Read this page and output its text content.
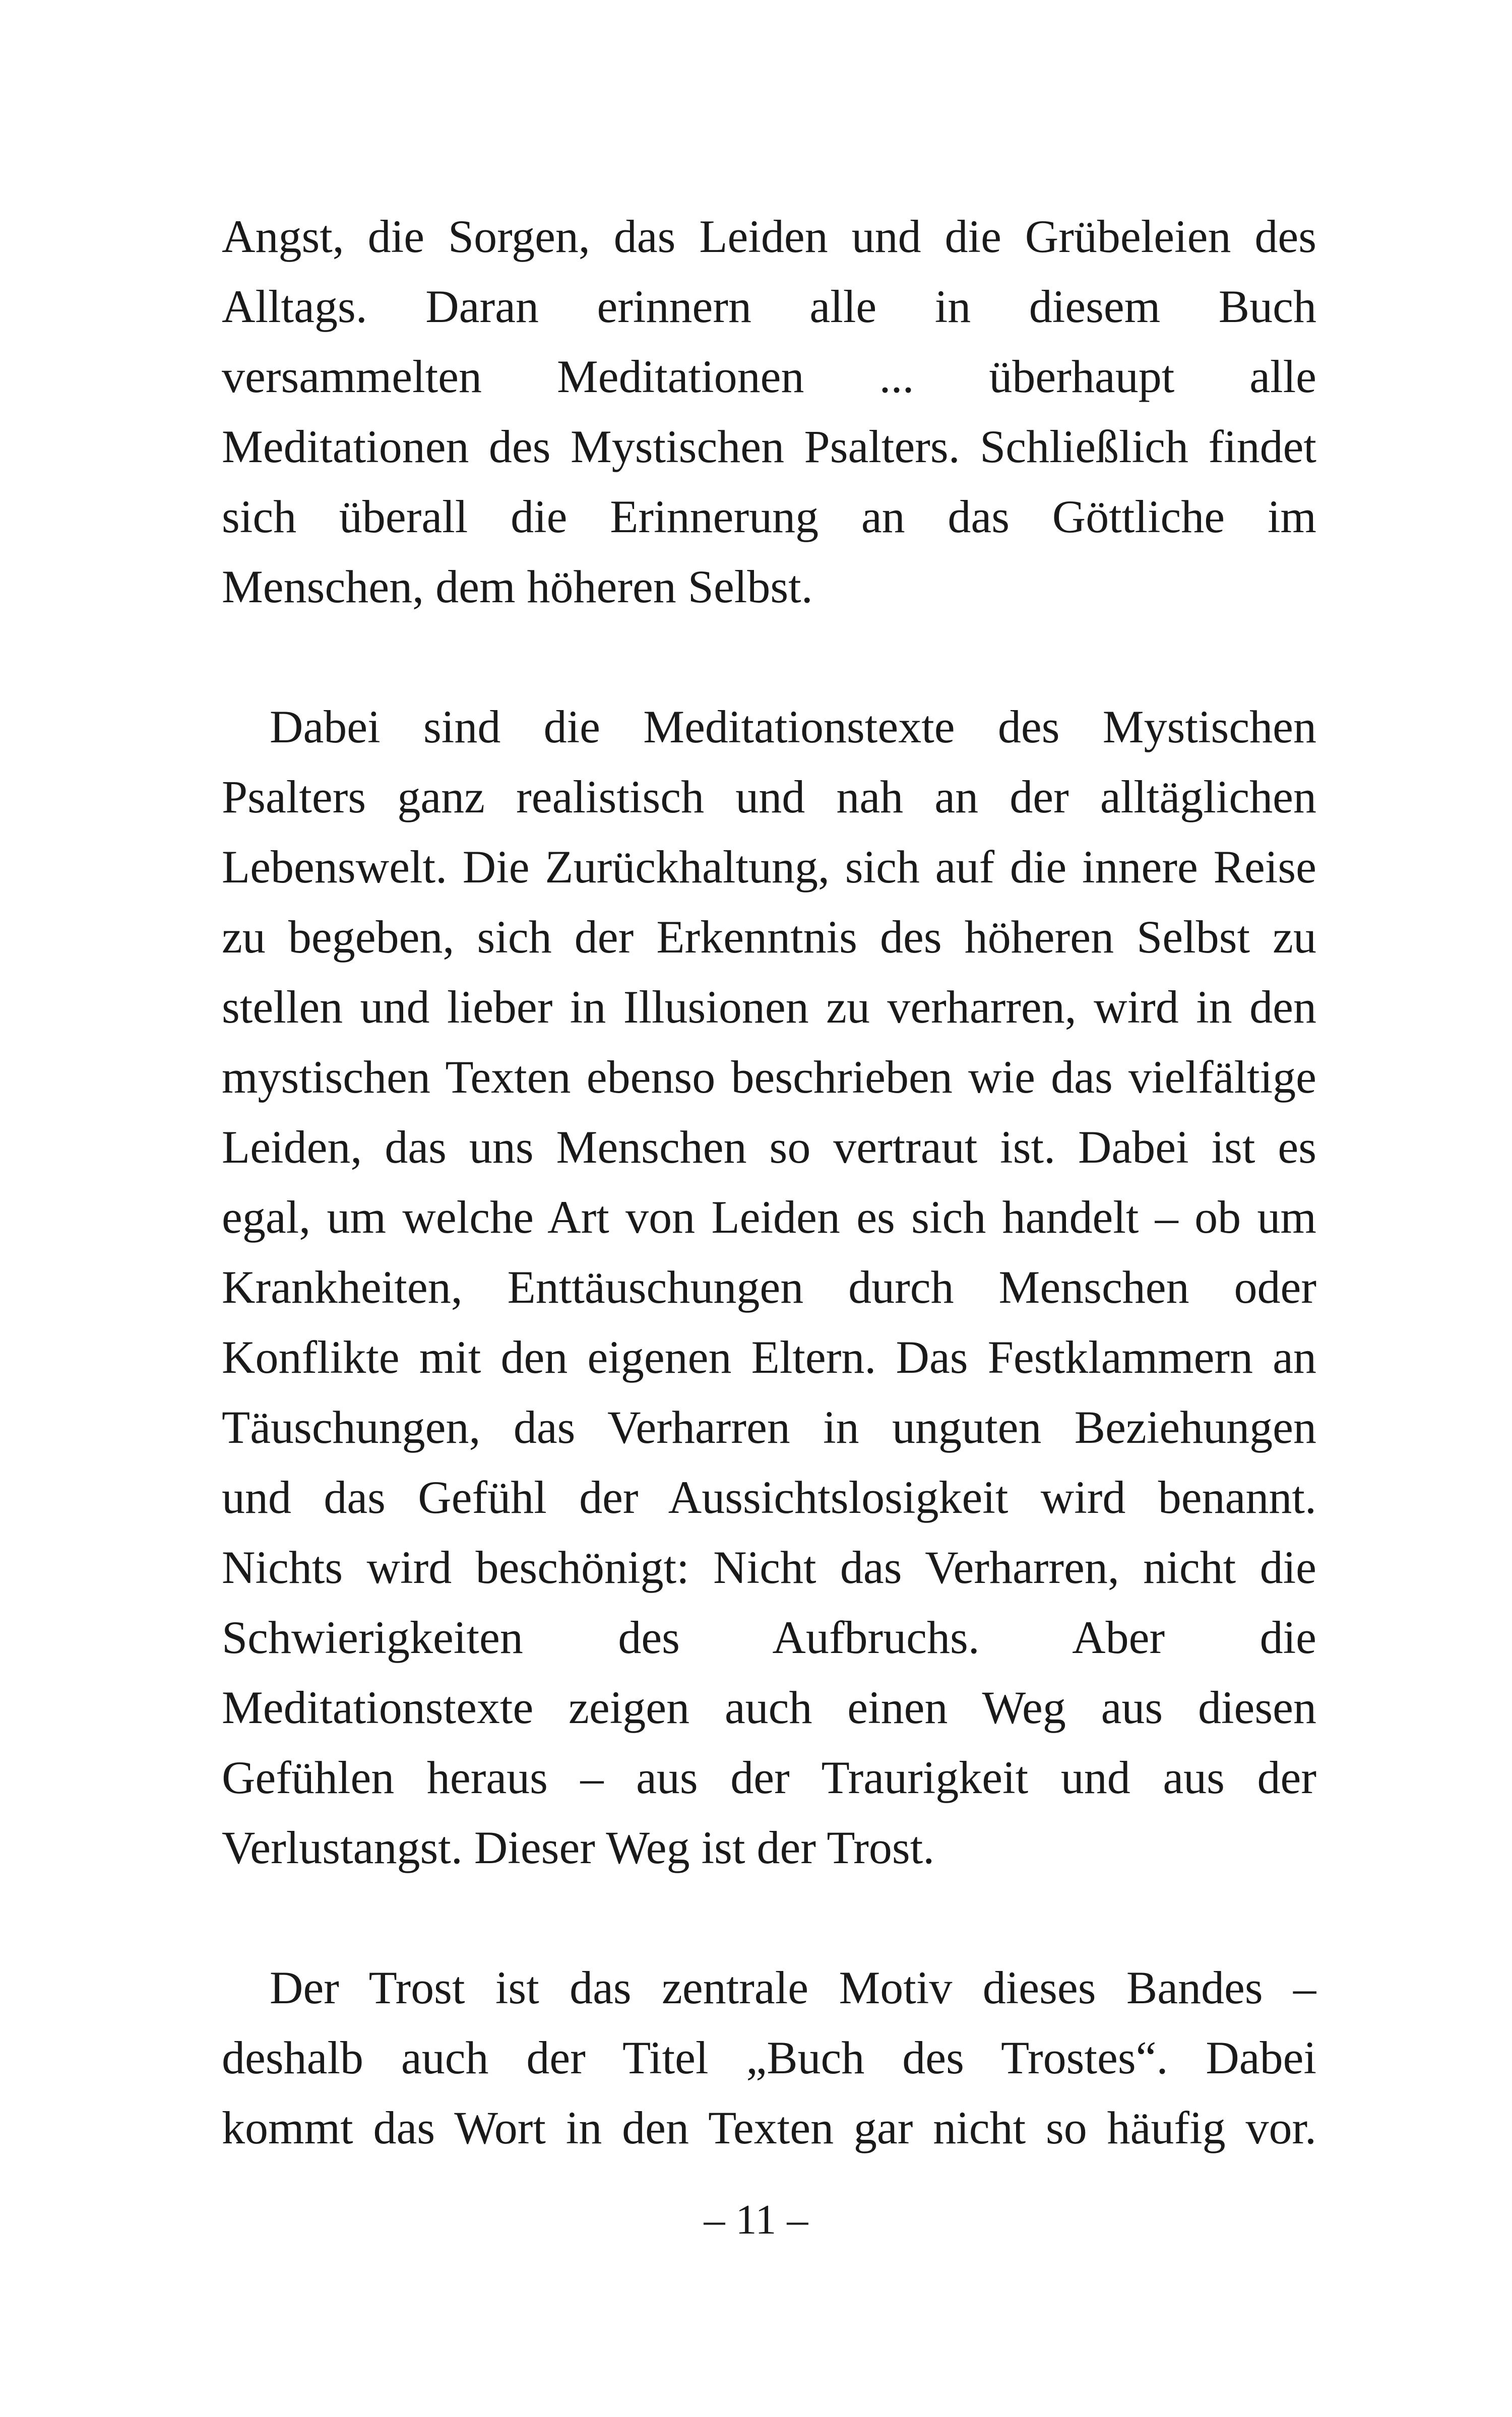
Angst, die Sorgen, das Leiden und die Grübeleien des
Alltags. Daran erinnern alle in diesem Buch
versammelten Meditationen ... überhaupt alle
Meditationen des Mystischen Psalters. Schließlich findet
sich überall die Erinnerung an das Göttliche im
Menschen, dem höheren Selbst.
Dabei sind die Meditationstexte des Mystischen
Psalters ganz realistisch und nah an der alltäglichen
Lebenswelt. Die Zurückhaltung, sich auf die innere Reise
zu begeben, sich der Erkenntnis des höheren Selbst zu
stellen und lieber in Illusionen zu verharren, wird in den
mystischen Texten ebenso beschrieben wie das vielfältige
Leiden, das uns Menschen so vertraut ist. Dabei ist es
egal, um welche Art von Leiden es sich handelt – ob um
Krankheiten, Enttäuschungen durch Menschen oder
Konflikte mit den eigenen Eltern. Das Festklammern an
Täuschungen, das Verharren in unguten Beziehungen
und das Gefühl der Aussichtslosigkeit wird benannt.
Nichts wird beschönigt: Nicht das Verharren, nicht die
Schwierigkeiten des Aufbruchs. Aber die
Meditationstexte zeigen auch einen Weg aus diesen
Gefühlen heraus – aus der Traurigkeit und aus der
Verlustangst. Dieser Weg ist der Trost.
Der Trost ist das zentrale Motiv dieses Bandes –
deshalb auch der Titel „Buch des Trostes“. Dabei
kommt das Wort in den Texten gar nicht so häufig vor.
– 11 –
